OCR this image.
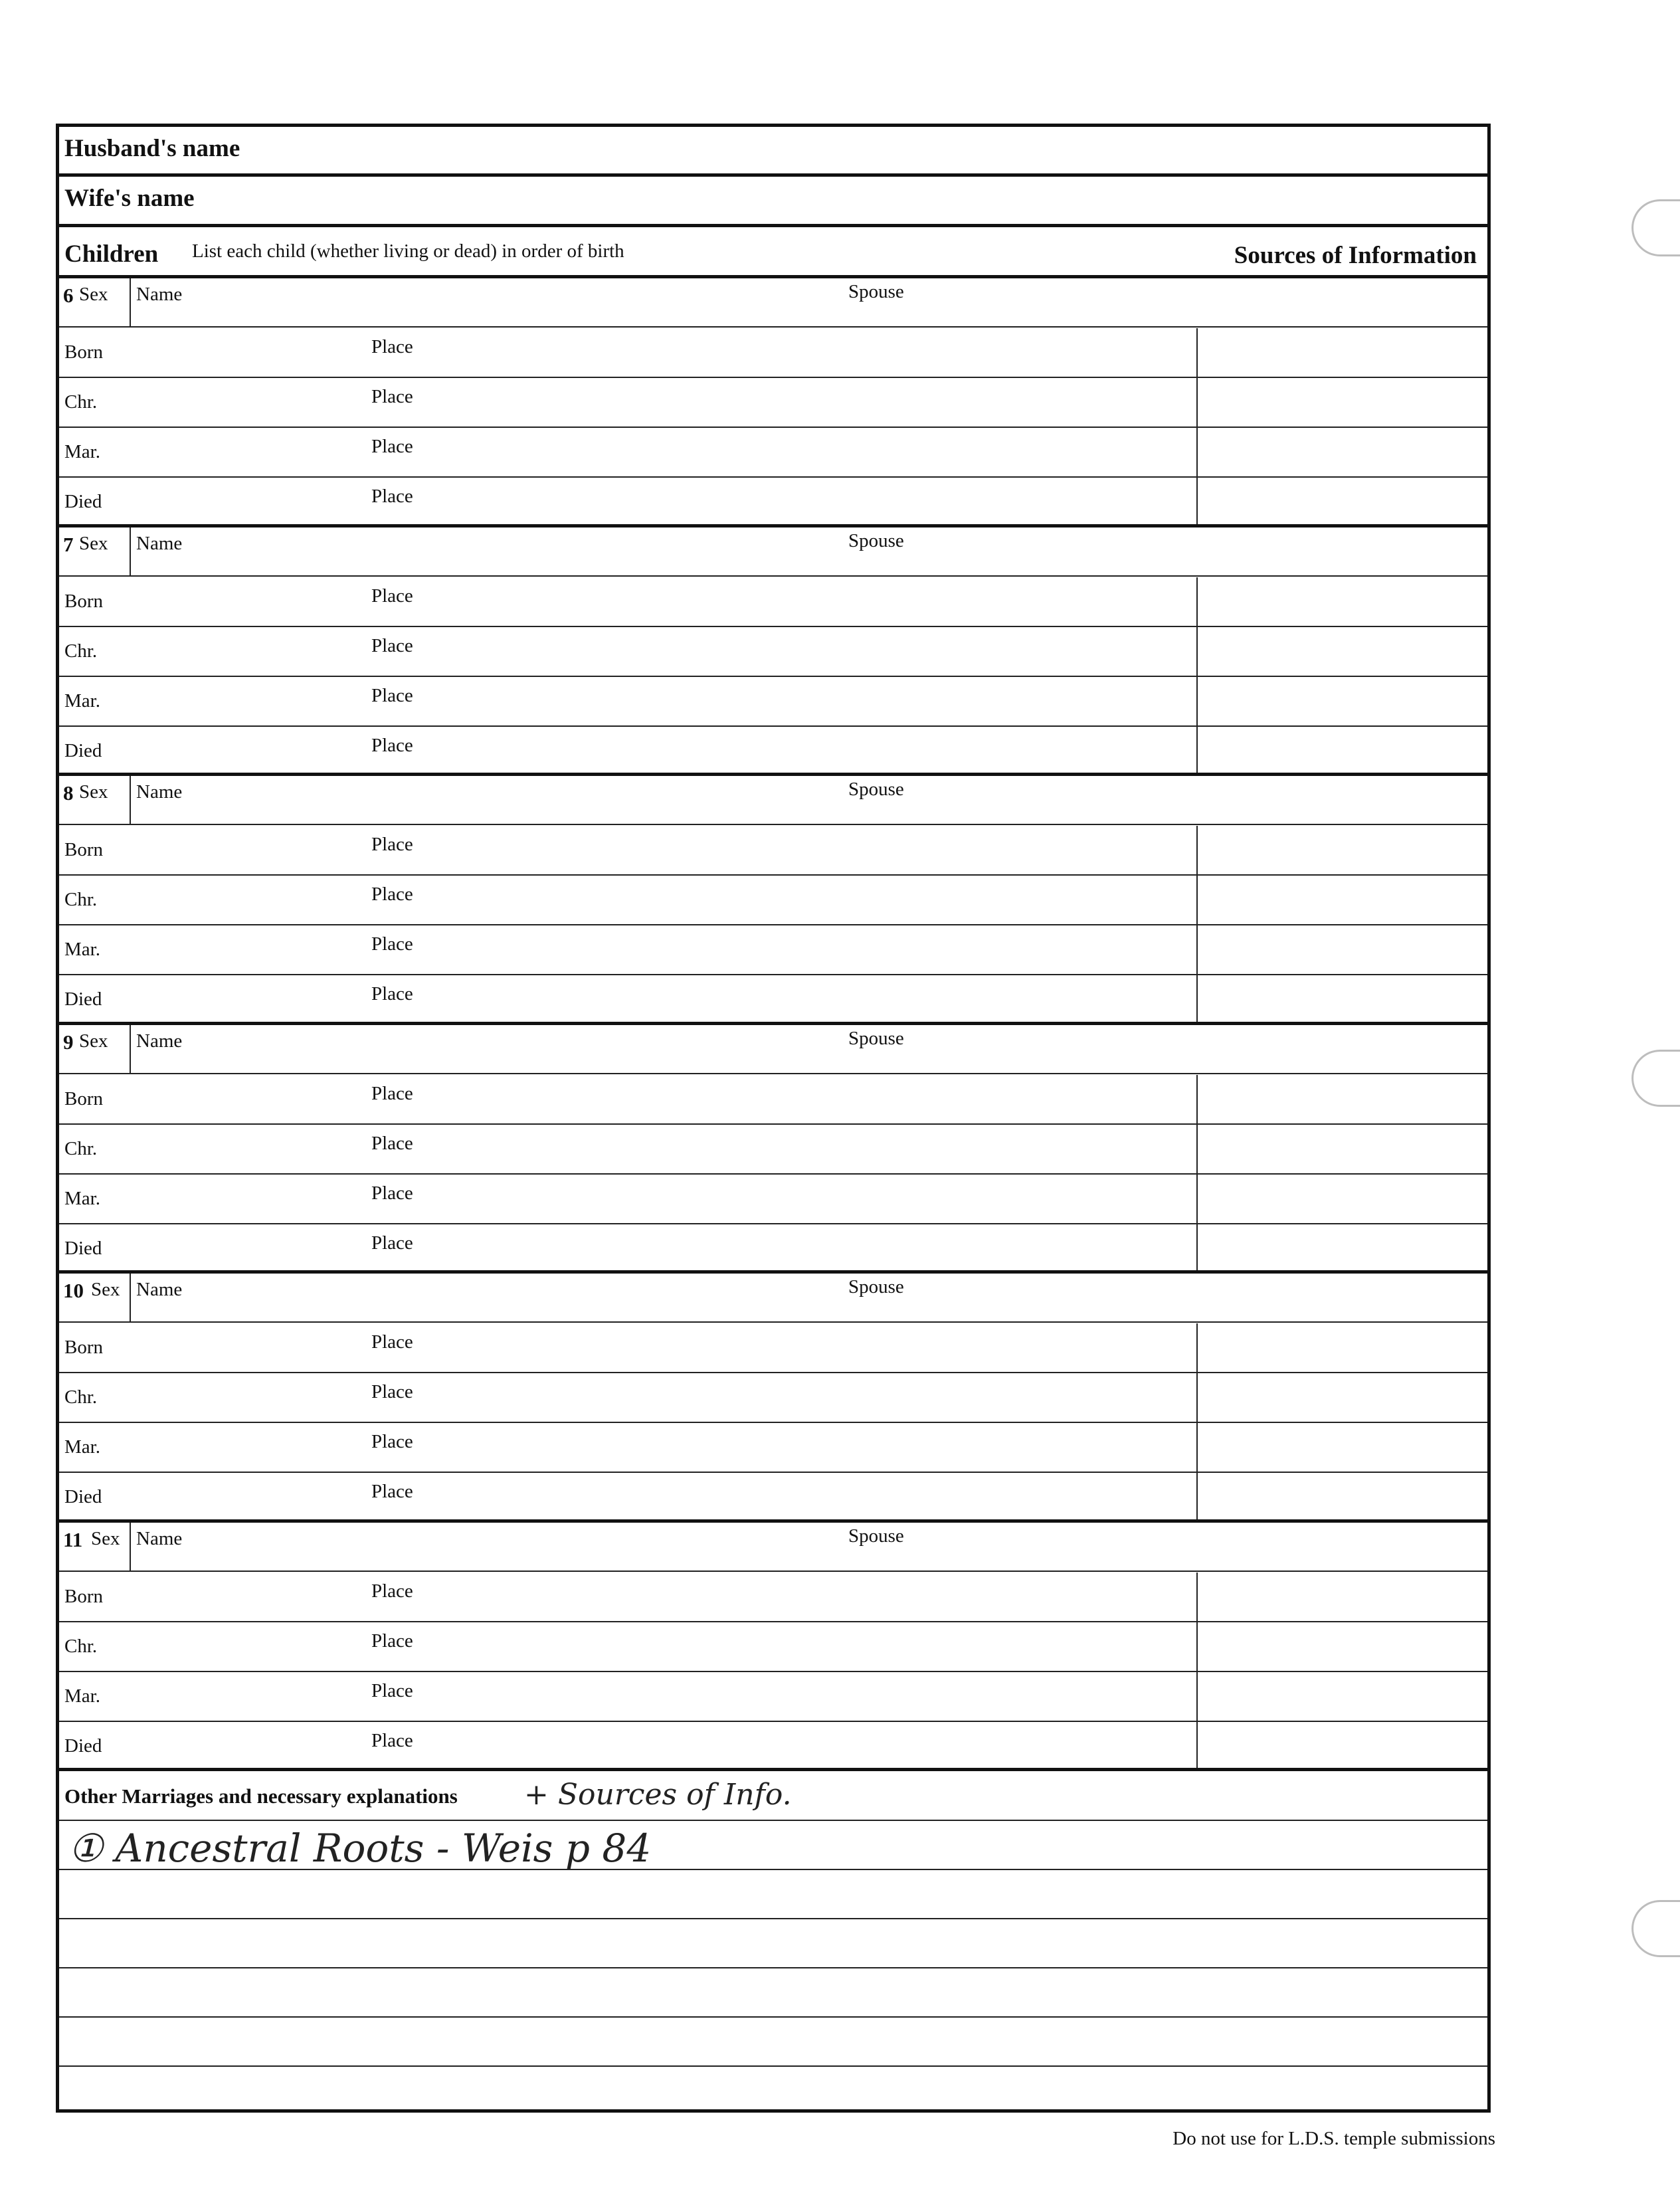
Husband's name
Wife's name
Children List each child (whether living or dead) in order of birth	Sources of Information
6 Sex Name	Spouse
Born	Place
Chr.	Place
Mar.	Place
Died	Place
7 Sex Name	Spouse
Born	Place
Chr.	Place
Mar.	Place
Died	Place
8 Sex Name	Spouse
Born	Place
Chr.	Place
Mar.	Place
Died	Place
9 Sex Name	Spouse
Born	Place
Chr.	Place
Mar.	Place
Died	Place
10 Sex Name	Spouse
Born	Place
Chr.	Place
Mar.	Place
Died	Place
11 Sex Name	Spouse
Born	Place
Chr.	Place
Mar.	Place
Died	Place
Other Marriages and necessary explanations + Sources of Info.
① Ancestral Roots - Weis p 84
Do not use for L.D.S. temple submissions
